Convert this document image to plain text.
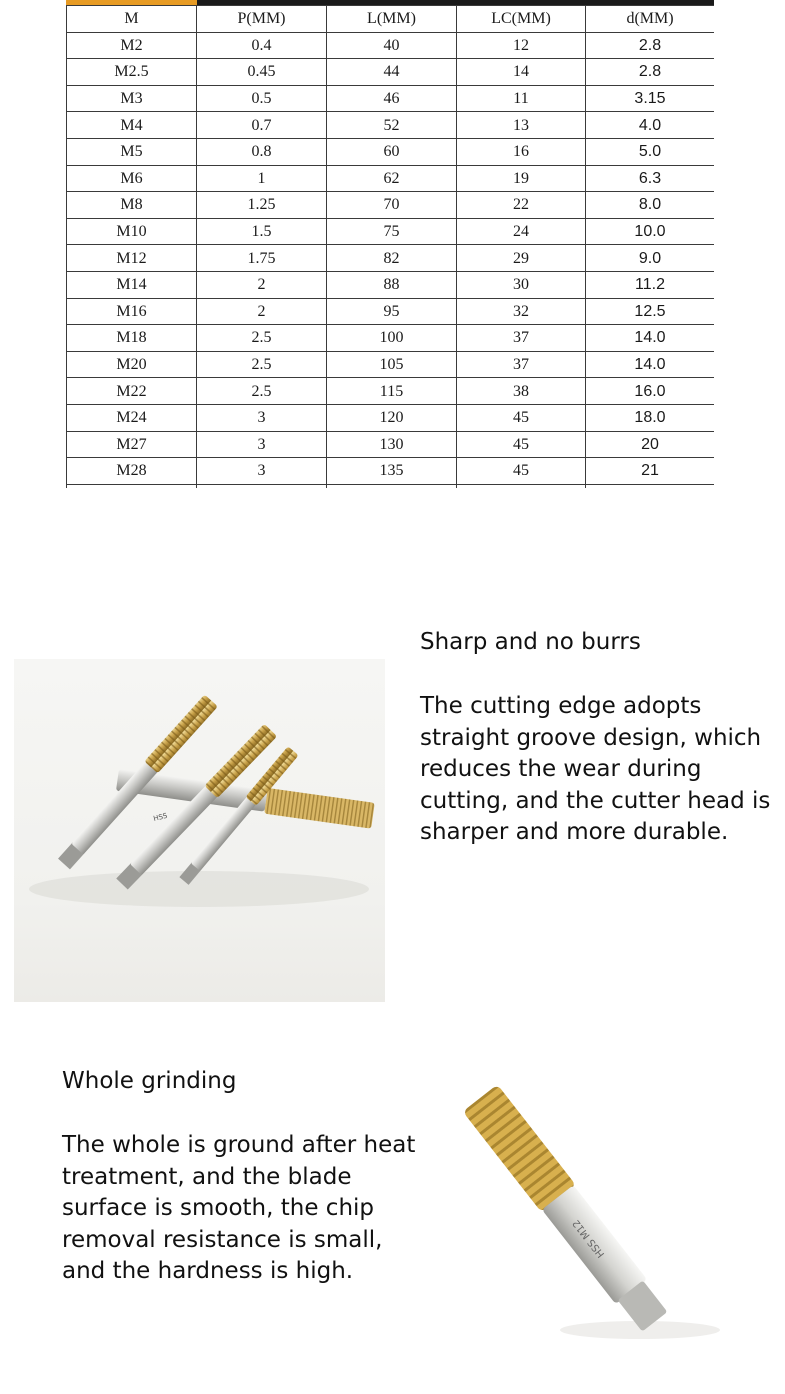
M	P(MM)	L(MM)	LC(MM)	d(MM)
M2	0.4	40	12	2.8
M2.5	0.45	44	14	2.8
M3	0.5	46	11	3.15
M4	0.7	52	13	4.0
M5	0.8	60	16	5.0
M6	1	62	19	6.3
M8	1.25	70	22	8.0
M10	1.5	75	24	10.0
M12	1.75	82	29	9.0
M14	2	88	30	11.2
M16	2	95	32	12.5
M18	2.5	100	37	14.0
M20	2.5	105	37	14.0
M22	2.5	115	38	16.0
M24	3	120	45	18.0
M27	3	130	45	20
M28	3	135	45	21

HSS

Sharp and no burrs

The cutting edge adopts straight groove design, which reduces the wear during cutting, and the cutter head is sharper and more durable.

Whole grinding

The whole is ground after heat treatment, and the blade surface is smooth, the chip removal resistance is small, and the hardness is high.

HSS M12
